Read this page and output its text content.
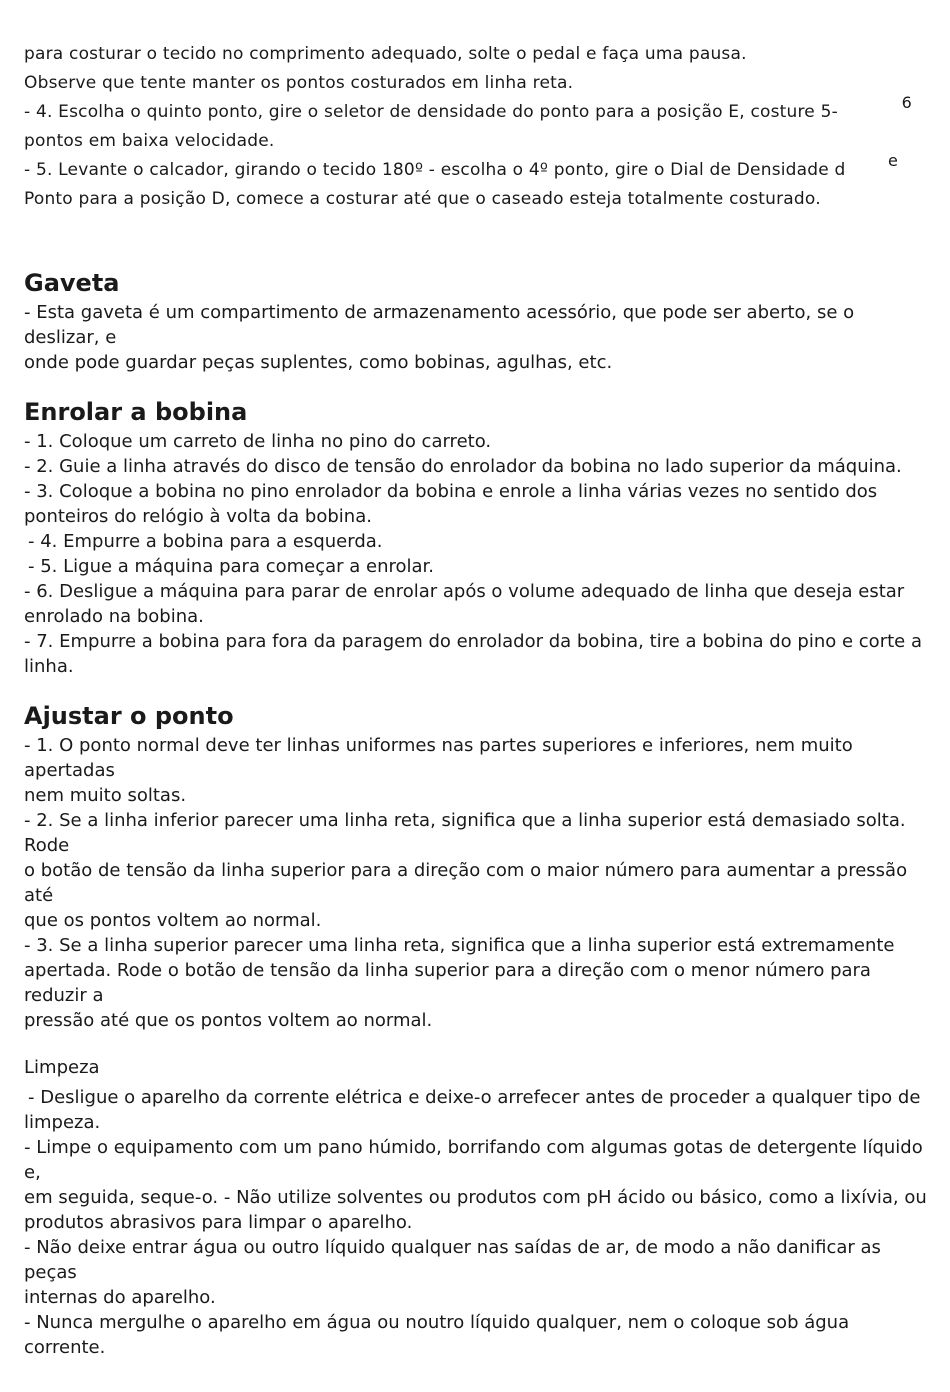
para costurar o tecido no comprimento adequado, solte o pedal e faça uma pausa.

Observe que tente manter os pontos costurados em linha reta.

- 4. Escolha o quinto ponto, gire o seletor de densidade do ponto para a posição E, costure 5-	6

pontos em baixa velocidade.

- 5. Levante o calcador, girando o tecido 180º - escolha o 4º ponto, gire o Dial de Densidade d	e

Ponto para a posição D, comece a costurar até que o caseado esteja totalmente costurado.

Gaveta

- Esta gaveta é um compartimento de armazenamento acessório, que pode ser aberto, se o deslizar, e

onde pode guardar peças suplentes, como bobinas, agulhas, etc.

Enrolar a bobina

- 1. Coloque um carreto de linha no pino do carreto.

- 2. Guie a linha através do disco de tensão do enrolador da bobina no lado superior da máquina.

- 3. Coloque a bobina no pino enrolador da bobina e enrole a linha várias vezes no sentido dos

ponteiros do relógio à volta da bobina.

- 4. Empurre a bobina para a esquerda.

- 5. Ligue a máquina para começar a enrolar.

- 6. Desligue a máquina para parar de enrolar após o volume adequado de linha que deseja estar

enrolado na bobina.

- 7. Empurre a bobina para fora da paragem do enrolador da bobina, tire a bobina do pino e corte a

linha.

Ajustar o ponto

- 1. O ponto normal deve ter linhas uniformes nas partes superiores e inferiores, nem muito apertadas

nem muito soltas.

- 2. Se a linha inferior parecer uma linha reta, significa que a linha superior está demasiado solta. Rode

o botão de tensão da linha superior para a direção com o maior número para aumentar a pressão até

que os pontos voltem ao normal.

- 3. Se a linha superior parecer uma linha reta, significa que a linha superior está extremamente

apertada. Rode o botão de tensão da linha superior para a direção com o menor número para reduzir a

pressão até que os pontos voltem ao normal.

Limpeza

- Desligue o aparelho da corrente elétrica e deixe-o arrefecer antes de proceder a qualquer tipo de

limpeza.

- Limpe o equipamento com um pano húmido, borrifando com algumas gotas de detergente líquido e,

em seguida, seque-o. - Não utilize solventes ou produtos com pH ácido ou básico, como a lixívia, ou

produtos abrasivos para limpar o aparelho.

- Não deixe entrar água ou outro líquido qualquer nas saídas de ar, de modo a não danificar as peças

internas do aparelho.

- Nunca mergulhe o aparelho em água ou noutro líquido qualquer, nem o coloque sob água corrente.
